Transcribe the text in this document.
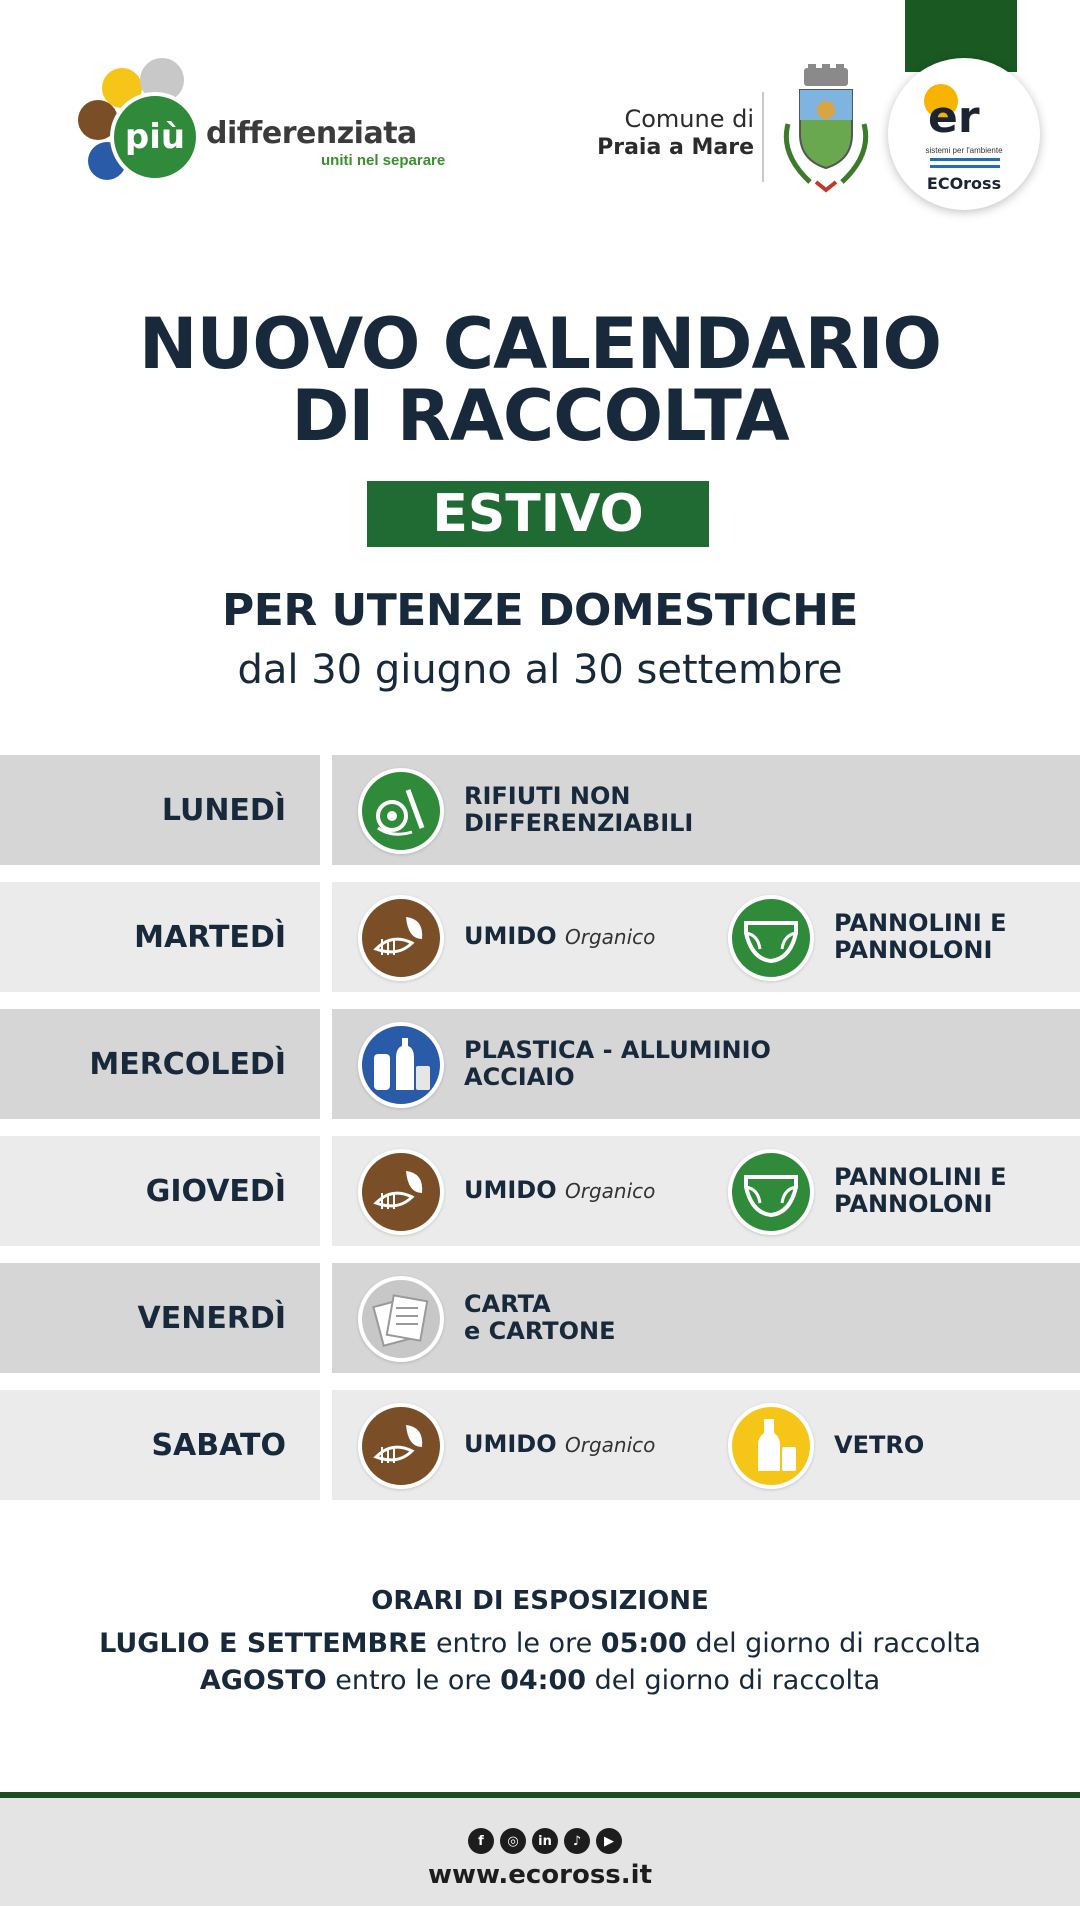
più differenziata
uniti nel separare
Comune di
Praia a Mare
er
sistemi per l'ambiente
ECOross
NUOVO CALENDARIO
DI RACCOLTA
ESTIVO
PER UTENZE DOMESTICHE
dal 30 giugno al 30 settembre
LUNEDÌ	RIFIUTI NON
DIFFERENZIABILI
MARTEDÌ	UMIDO Organico	PANNOLINI E
PANNOLONI
MERCOLEDÌ	PLASTICA - ALLUMINIO
ACCIAIO
GIOVEDÌ	UMIDO Organico	PANNOLINI E
PANNOLONI
VENERDÌ	CARTA
e CARTONE
SABATO	UMIDO Organico	VETRO
ORARI DI ESPOSIZIONE
LUGLIO E SETTEMBRE entro le ore 05:00 del giorno di raccolta
AGOSTO entro le ore 04:00 del giorno di raccolta
f	◎	in	♪	▶
www.ecoross.it
